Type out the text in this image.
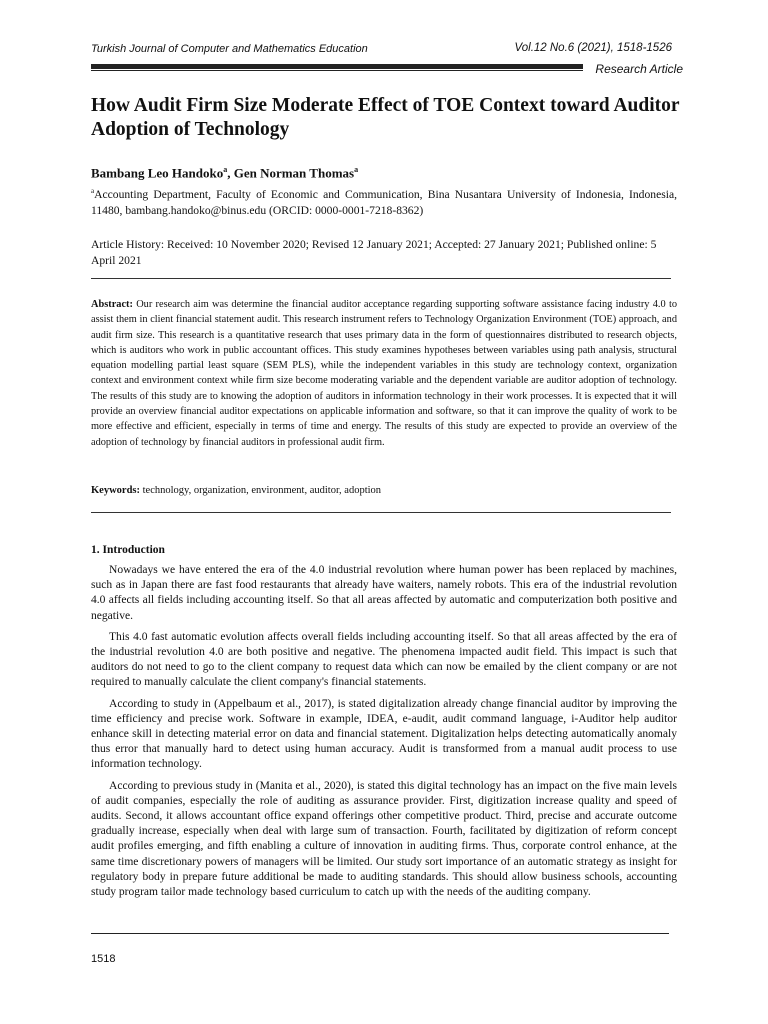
Turkish Journal of Computer and Mathematics Education	Vol.12 No.6 (2021), 1518-1526
Research Article
How Audit Firm Size Moderate Effect of TOE Context toward Auditor Adoption of Technology
Bambang Leo Handoko$^a$, Gen Norman Thomas$^a$
$^a$Accounting Department, Faculty of Economic and Communication, Bina Nusantara University of Indonesia, Indonesia, 11480, bambang.handoko@binus.edu (ORCID: 0000-0001-7218-8362)
Article History: Received: 10 November 2020; Revised 12 January 2021; Accepted: 27 January 2021; Published online: 5 April 2021
Abstract: Our research aim was determine the financial auditor acceptance regarding supporting software assistance facing industry 4.0 to assist them in client financial statement audit. This research instrument refers to Technology Organization Environment (TOE) approach, and audit firm size. This research is a quantitative research that uses primary data in the form of questionnaires distributed to research objects, which is auditors who work in public accountant offices. This study examines hypotheses between variables using path analysis, structural equation modelling partial least squarе (SEM PLS), while the independent variables in this study are technology context, organization context and environment context while firm size become moderating variable and the dependent variable are auditor adoption of technology. The results of this study are to knowing the adoption of auditors in information technology in their work processes. It is expected that it will provide an overview financial auditor expectations on applicable information and software, so that it can improve the quality of work to be more effective and efficient, especially in terms of time and energy. The results of this study are expected to provide an overview of the adoption of technology by financial auditors in professional audit firm.
Keywords: technology, organization, environment, auditor, adoption
1. Introduction

Nowadays we have entered the era of the 4.0 industrial revolution where human power has been replaced by machines, such as in Japan there are fast food restaurants that already have waiters, namely robots. This era of the industrial revolution 4.0 affects all fields including accounting itself. So that all areas affected by automatic and computerization both positive and negative.

This 4.0 fast automatic evolution affects overall fields including accounting itself. So that all areas affected by the era of the industrial revolution 4.0 are both positive and negative. The phenomena impacted audit field. This impact is such that auditors do not need to go to the client company to request data which can now be emailed by the client company or are not required to manually calculate the client company's financial statements.

According to study in (Appelbaum et al., 2017), is stated digitalization already change financial auditor by improving the time efficiency and precise work. Software in example, IDEA, e-audit, audit command language, i-Auditor help auditor enhance skill in detecting material error on data and financial statement. Digitalization helps detecting automatically anomaly thus error that manually hard to detect using human accuracy. Audit is transformed from a manual audit process to use information technology.

According to previous study in (Manita et al., 2020), is stated this digital technology has an impact on the five main levels of audit companies, especially the role of auditing as assurance provider. First, digitization increase quality and speed of audits. Second, it allows accountant office expand offerings other competitive product. Third, precise and accurate outcome gradually increase, especially when deal with large sum of transaction. Fourth, facilitated by digitization of reform concept audit profiles emerging, and fifth enabling a culture of innovation in auditing firms. Thus, corporate control enhance, at the same time discretionary powers of managers will be limited. Our study sort importance of an automatic strategy as insight for regulatory body in prepare future additional be made to auditing standards. This should allow business schools, accounting study program tailor made technology based curriculum to catch up with the needs of the auditing company.

1518
